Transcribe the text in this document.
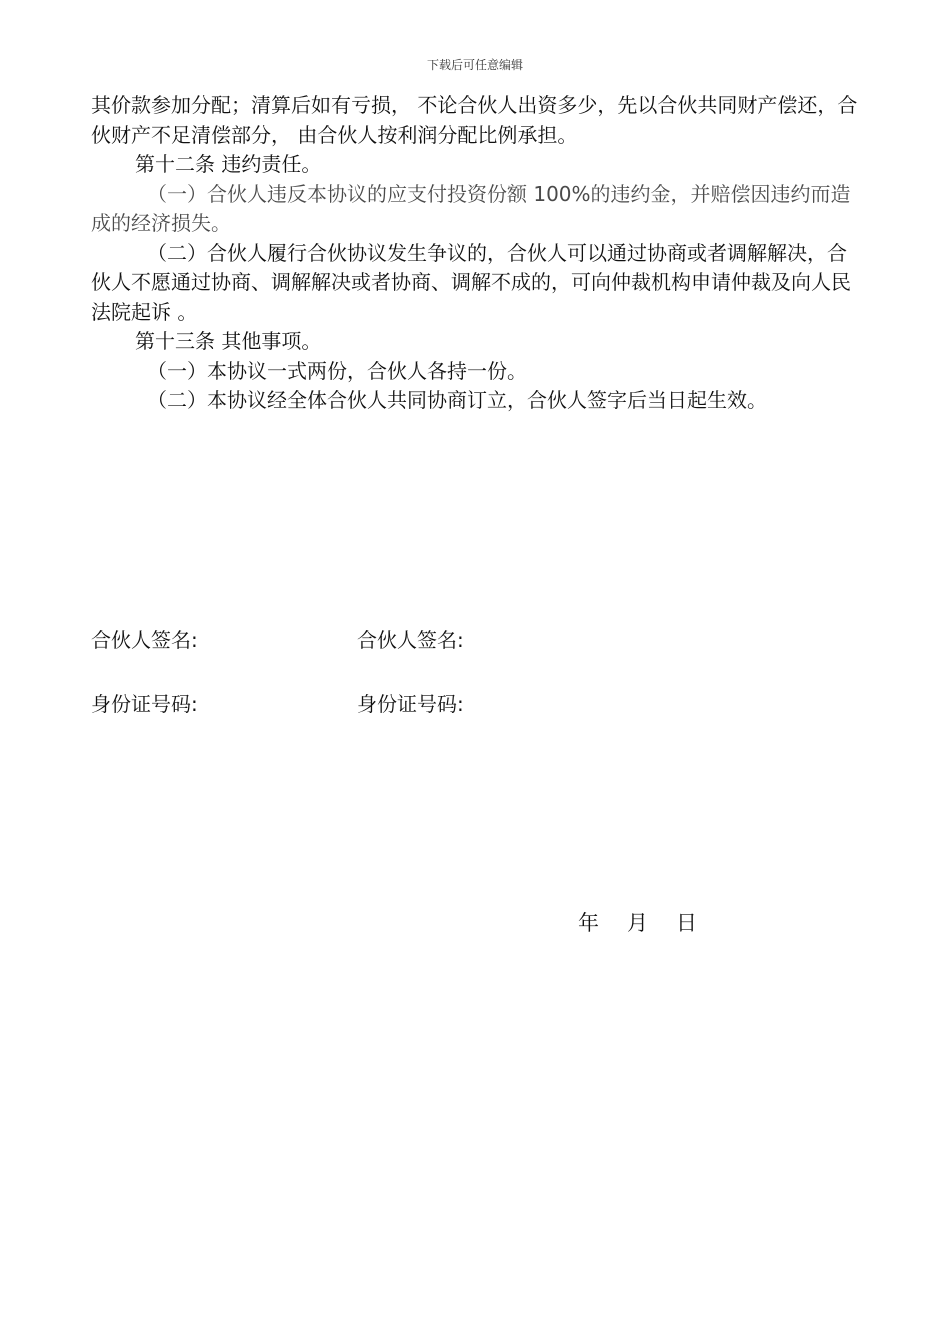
下载后可任意编辑

其价款参加分配；清算后如有亏损， 不论合伙人出资多少，先以合伙共同财产偿还，合伙财产不足清偿部分， 由合伙人按利润分配比例承担。

第十二条 违约责任。

（一）合伙人违反本协议的应支付投资份额 100%的违约金，并赔偿因违约而造成的经济损失。

（二）合伙人履行合伙协议发生争议的，合伙人可以通过协商或者调解解决，合伙人不愿通过协商、调解解决或者协商、调解不成的，可向仲裁机构申请仲裁及向人民法院起诉 。

第十三条 其他事项。

（一）本协议一式两份，合伙人各持一份。

（二）本协议经全体合伙人共同协商订立，合伙人签字后当日起生效。

合伙人签名:	合伙人签名:
身份证号码:	身份证号码:
年 月 日
